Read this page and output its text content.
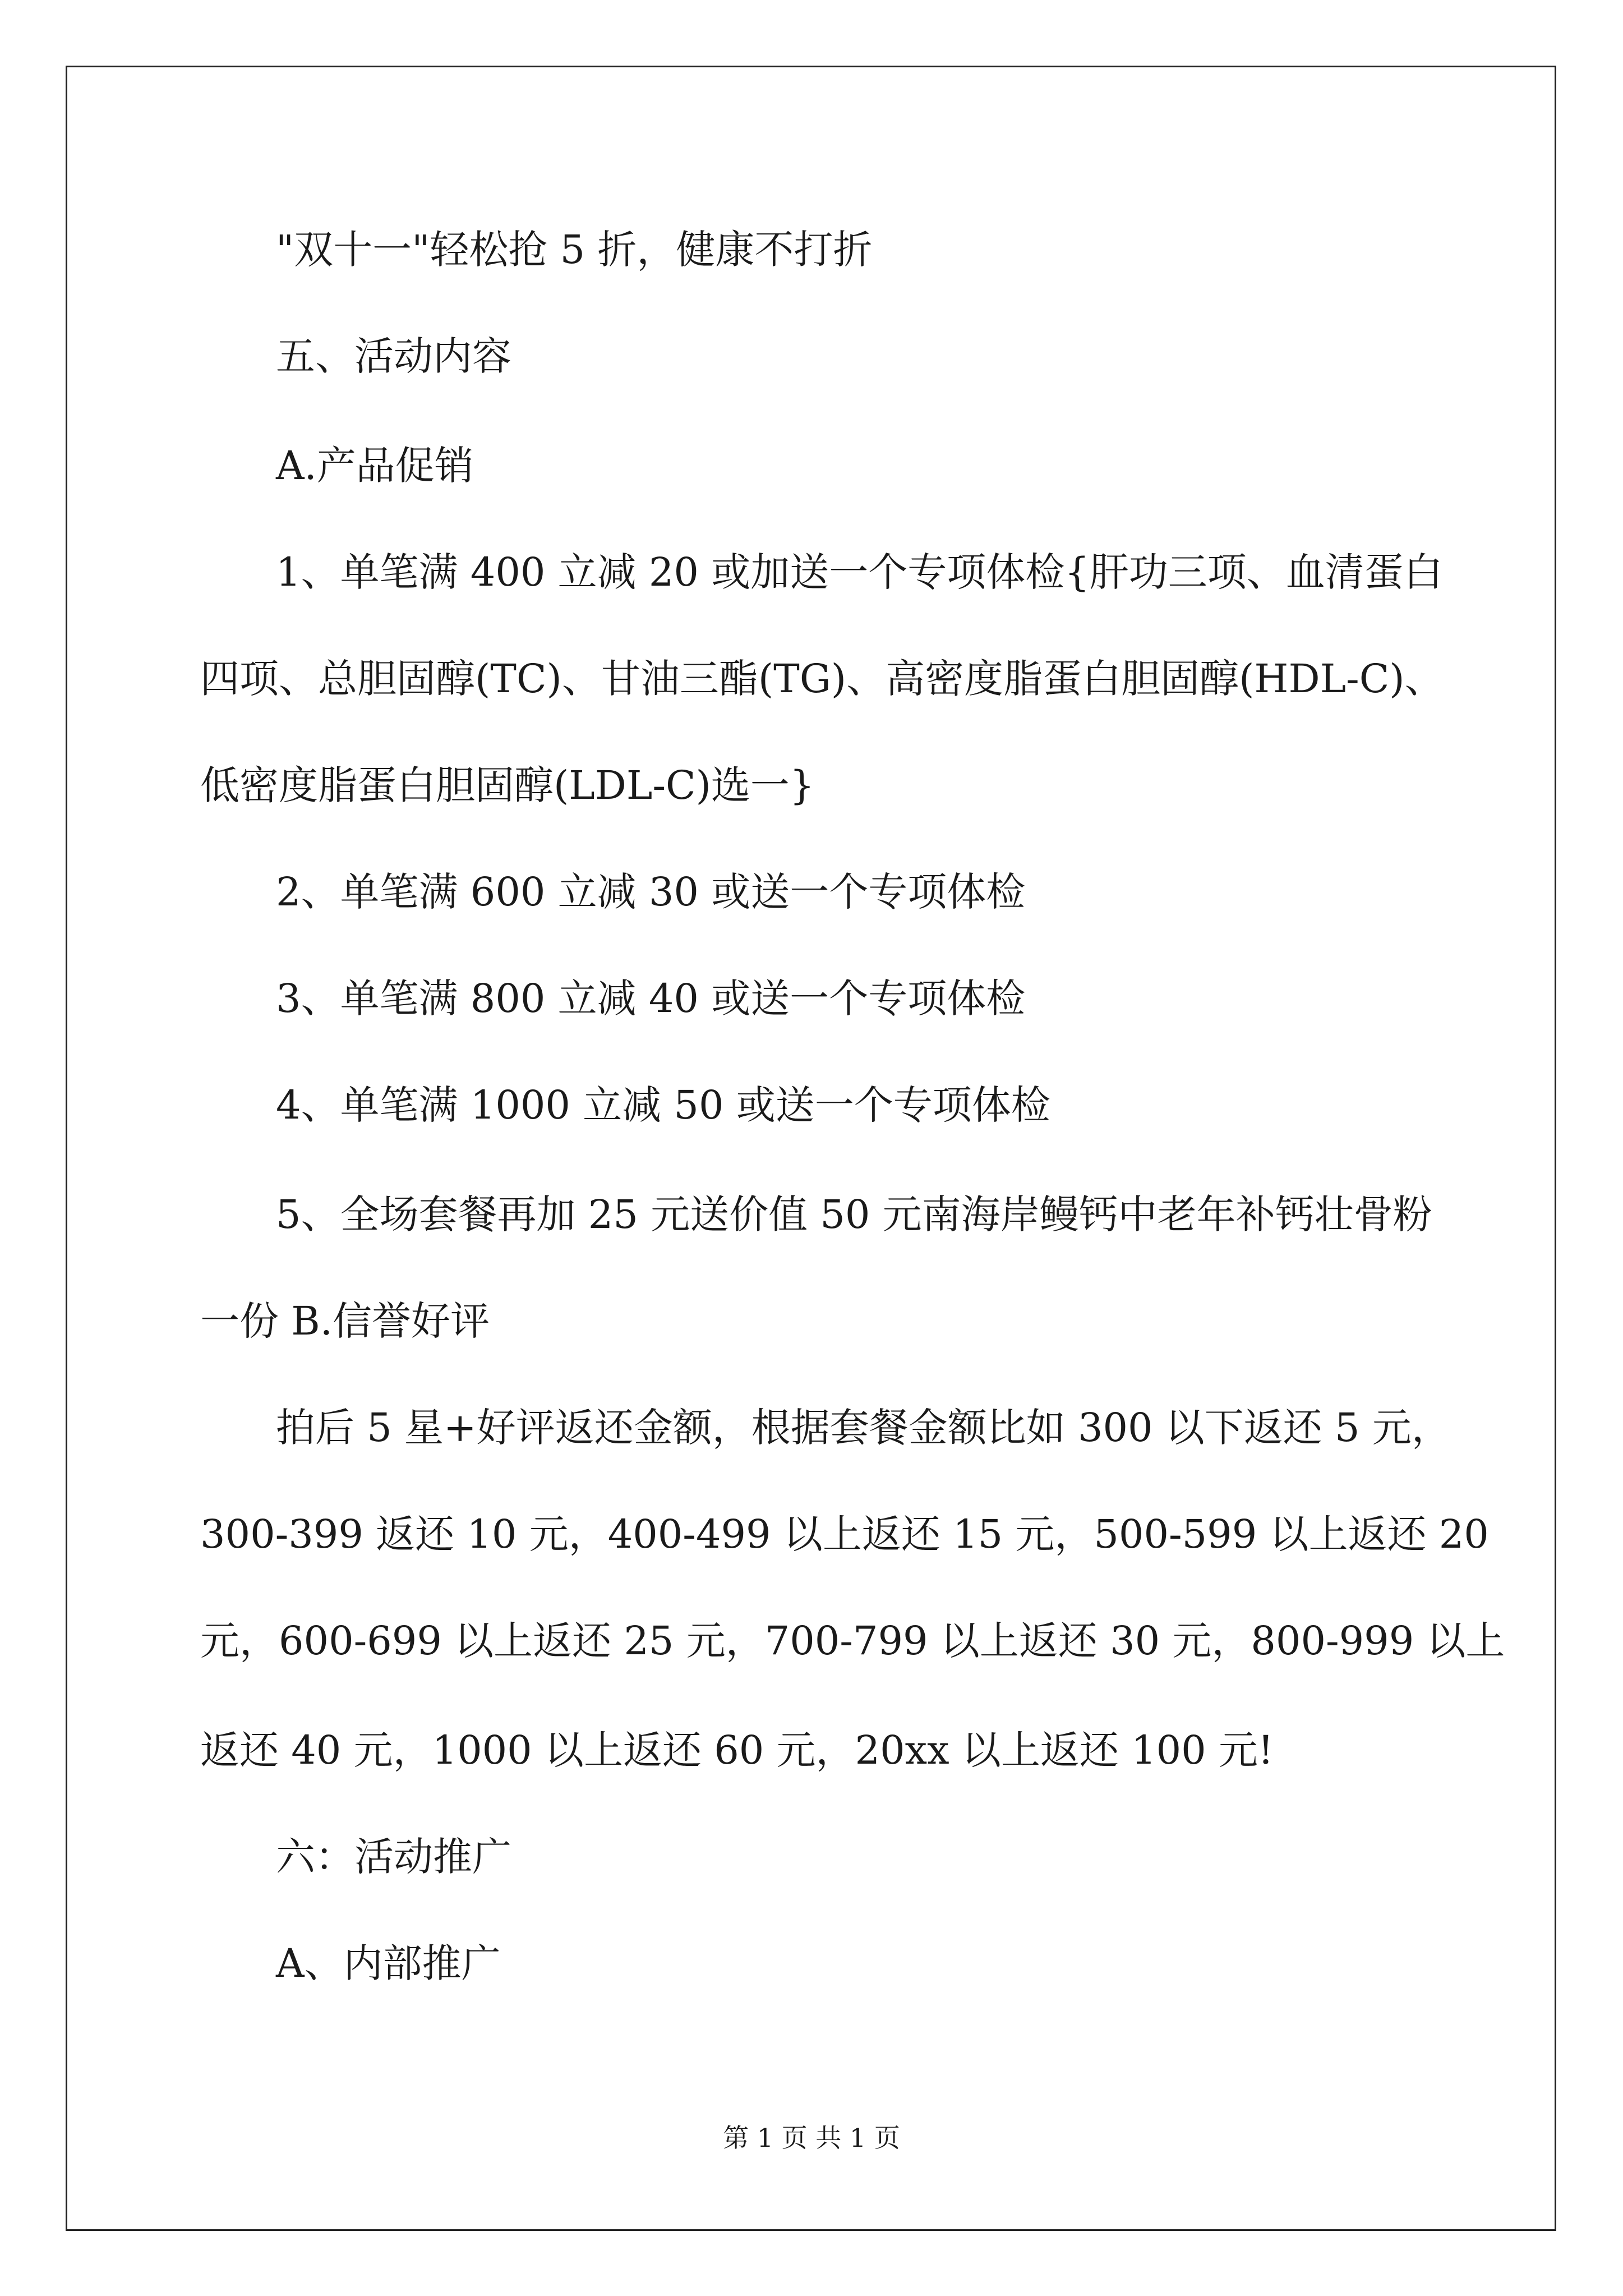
"双十一"轻松抢 5 折，健康不打折
五、活动内容
A.产品促销
1、单笔满 400 立减 20 或加送一个专项体检{肝功三项、血清蛋白
四项、总胆固醇(TC)、甘油三酯(TG)、高密度脂蛋白胆固醇(HDL-C)、
低密度脂蛋白胆固醇(LDL-C)选一}
2、单笔满 600 立减 30 或送一个专项体检
3、单笔满 800 立减 40 或送一个专项体检
4、单笔满 1000 立减 50 或送一个专项体检
5、全场套餐再加 25 元送价值 50 元南海岸鳗钙中老年补钙壮骨粉
一份 B.信誉好评
拍后 5 星+好评返还金额，根据套餐金额比如 300 以下返还 5 元，
300-399 返还 10 元，400-499 以上返还 15 元，500-599 以上返还 20
元，600-699 以上返还 25 元，700-799 以上返还 30 元，800-999 以上
返还 40 元，1000 以上返还 60 元，20xx 以上返还 100 元!
六：活动推广
A、内部推广
第 1 页 共 1 页
